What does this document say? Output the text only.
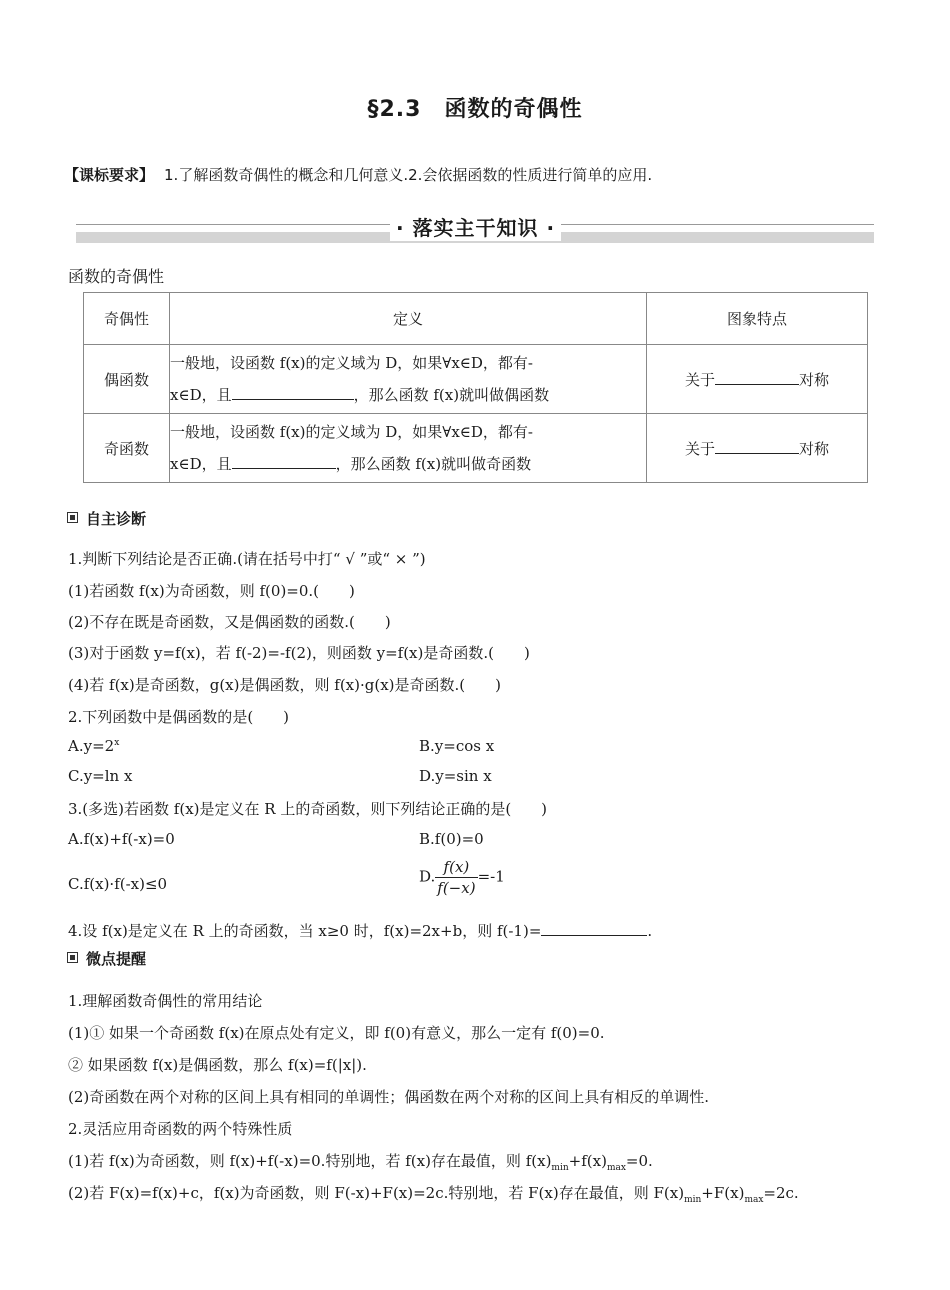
§2.3　函数的奇偶性
【课标要求】 1.了解函数奇偶性的概念和几何意义.2.会依据函数的性质进行简单的应用.
· 落实主干知识 ·
函数的奇偶性
奇偶性	定义	图象特点
偶函数	一般地，设函数 f(x)的定义域为 D，如果∀x∈D，都有-
x∈D，且 ，那么函数 f(x)就叫做偶函数	关于 对称
奇函数	一般地，设函数 f(x)的定义域为 D，如果∀x∈D，都有-
x∈D，且 ，那么函数 f(x)就叫做奇函数	关于 对称
自主诊断
1.判断下列结论是否正确.(请在括号中打“ √ ”或“ × ”)
(1)若函数 f(x)为奇函数，则 f(0)=0.(　　)
(2)不存在既是奇函数，又是偶函数的函数.(　　)
(3)对于函数 y=f(x)，若 f(-2)=-f(2)，则函数 y=f(x)是奇函数.(　　)
(4)若 f(x)是奇函数，g(x)是偶函数，则 f(x)·g(x)是奇函数.(　　)
2.下列函数中是偶函数的是(　　)
$A.y=2^x$	B.y=cos x
C.y=ln x	D.y=sin x
3.(多选)若函数 f(x)是定义在 R 上的奇函数，则下列结论正确的是(　　)
A.f(x)+f(-x)=0	B.f(0)=0
C.f(x)·f(-x)≤0	D. $\frac{f(x)}{f(-x)} =-1$
4.设 f(x)是定义在 R 上的奇函数，当 x≥0 时，f(x)=2x+b，则 f(-1)=	.
微点提醒
1.理解函数奇偶性的常用结论
(1)① 如果一个奇函数 f(x)在原点处有定义，即 f(0)有意义，那么一定有 f(0)=0.
② 如果函数 f(x)是偶函数，那么 f(x)=f(|x|).
(2)奇函数在两个对称的区间上具有相同的单调性；偶函数在两个对称的区间上具有相反的单调性.
2.灵活应用奇函数的两个特殊性质
(1)若 f(x)为奇函数，则 f(x)+f(-x)=0.特别地，若 f(x)存在最值，则 $f(x)_{min}+f(x)_{max}=0$.
(2)若 F(x)=f(x)+c，f(x)为奇函数，则 F(-x)+F(x)=2c.特别地，若 F(x)存在最值，则 $F(x)_{min}+F(x)_{max}=2c$.
